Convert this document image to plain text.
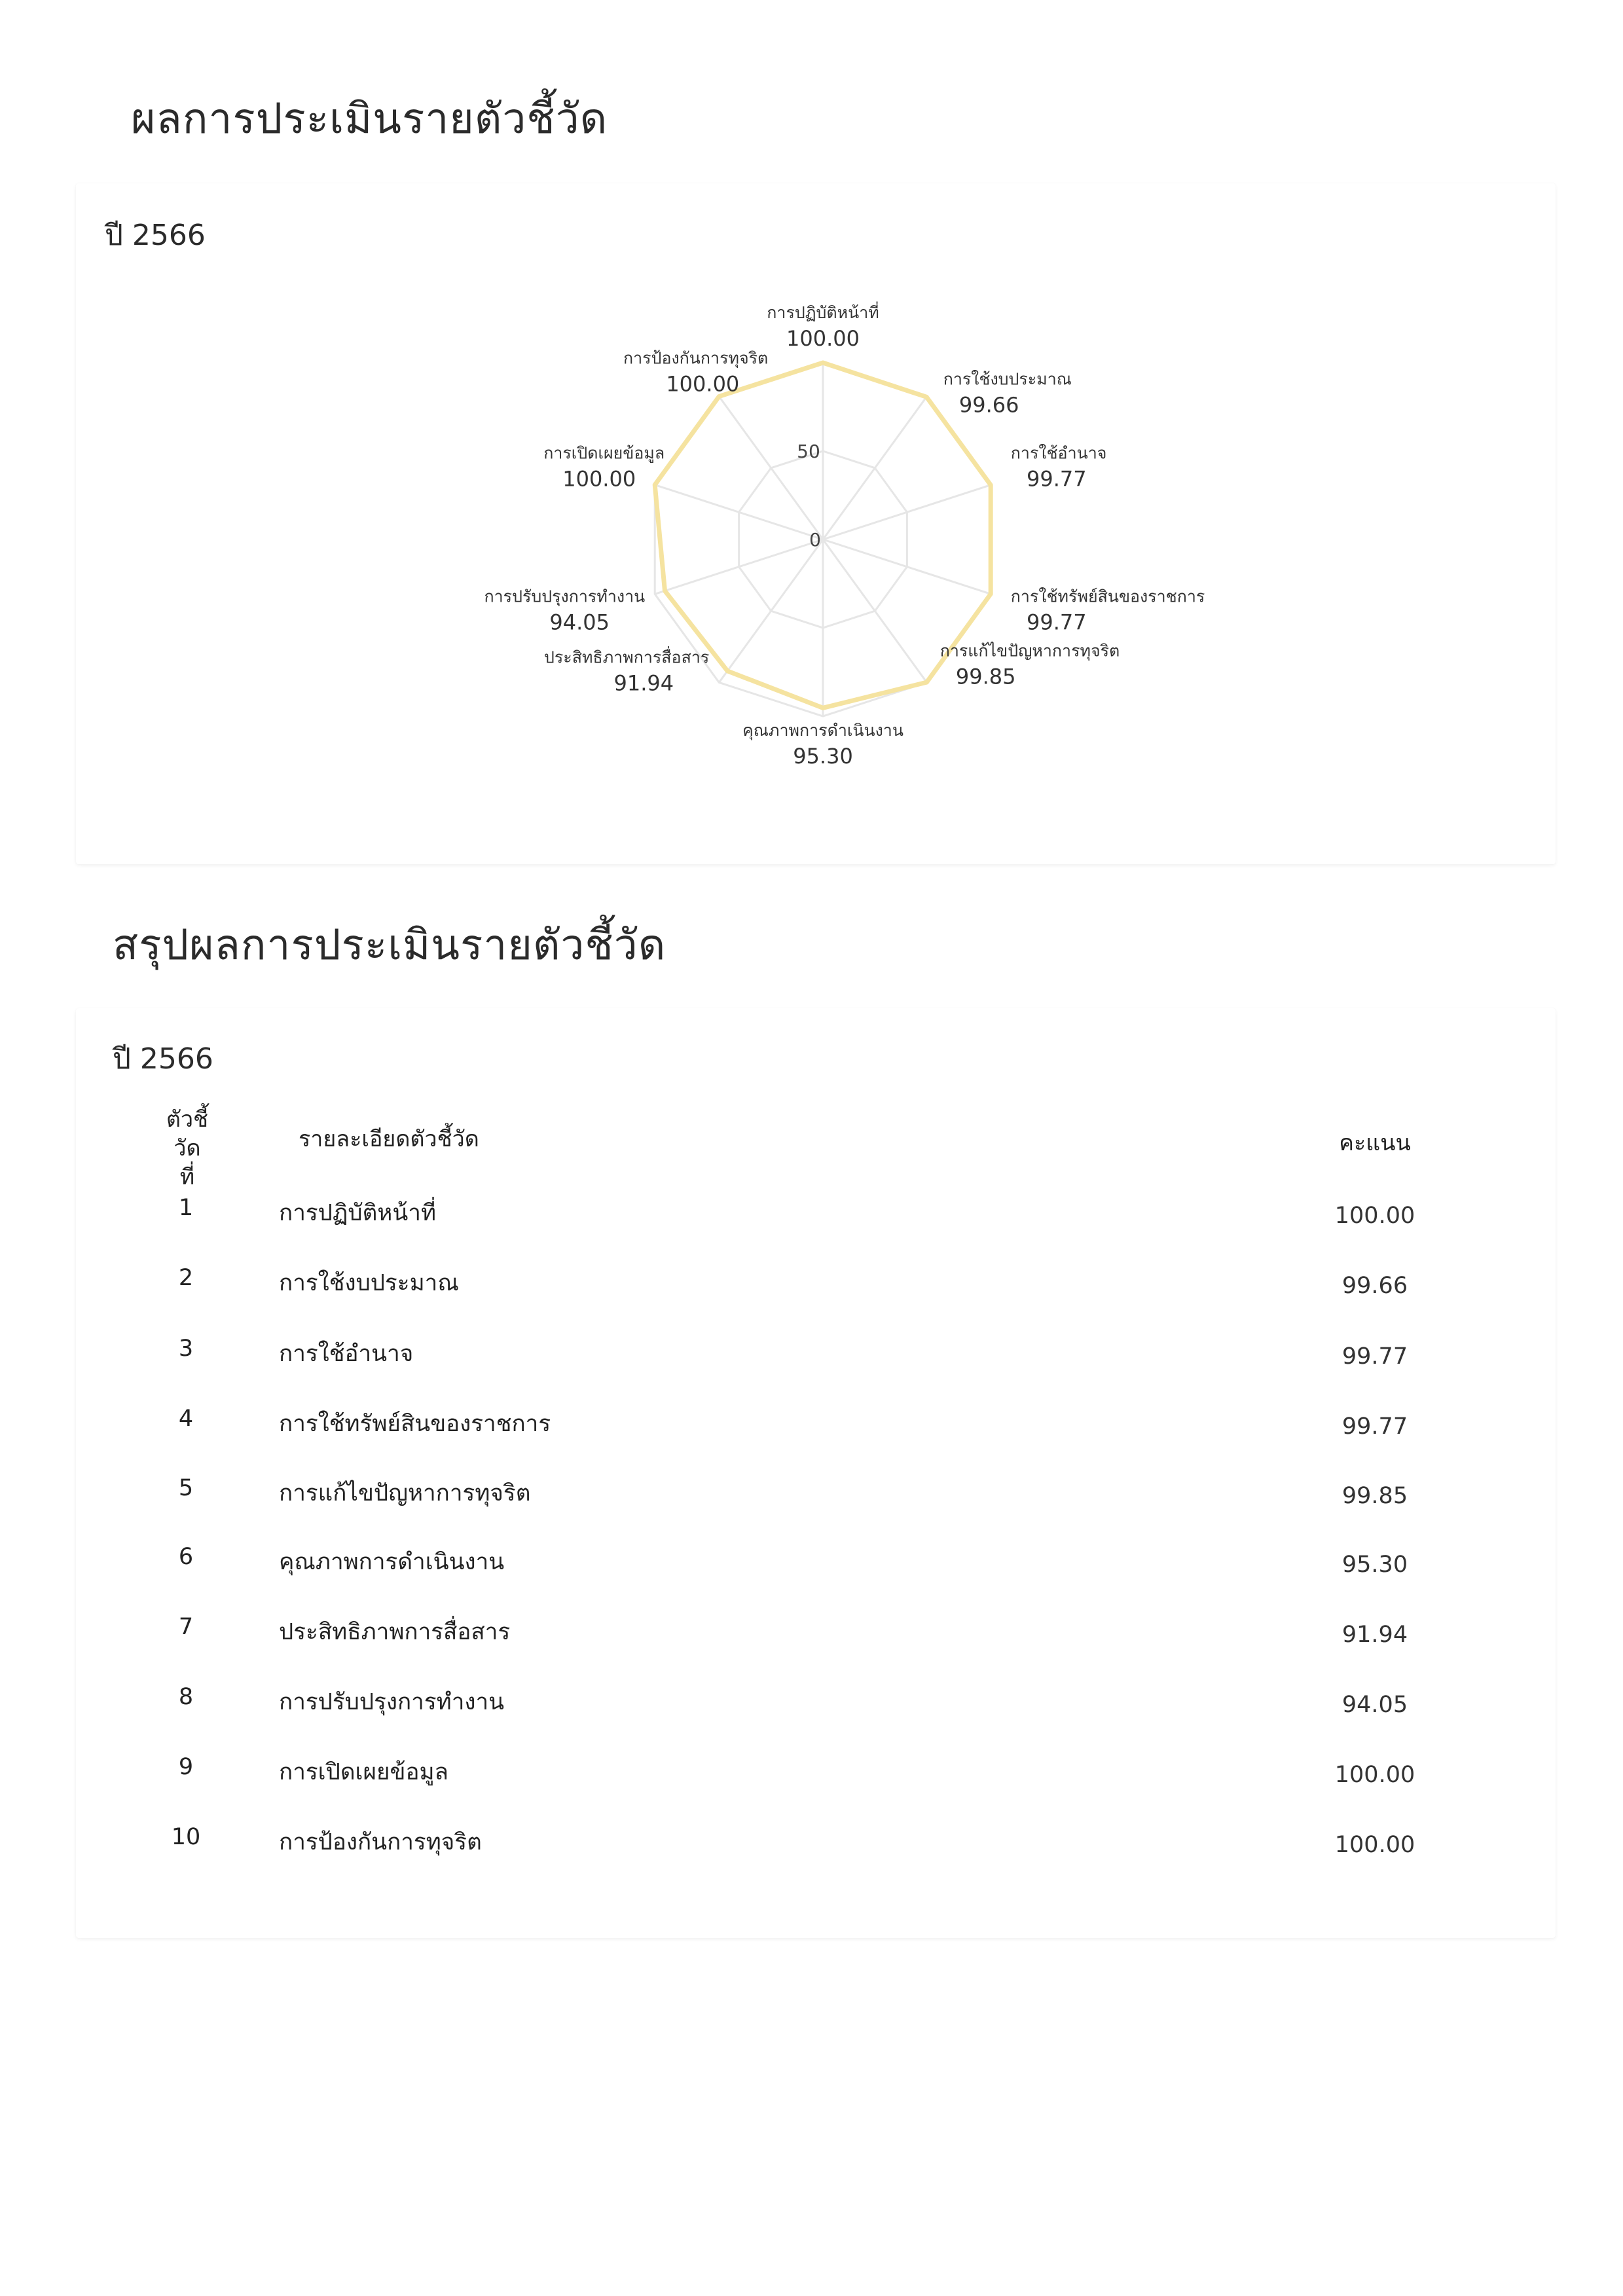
ผลการประเมินรายตัวชี้วัด
ปี 2566
0
50
การปฏิบัติหน้าที่
100.00
การใช้งบประมาณ
99.66
การใช้อำนาจ
99.77
การใช้ทรัพย์สินของราชการ
99.77
การแก้ไขปัญหาการทุจริต
99.85
คุณภาพการดำเนินงาน
95.30
ประสิทธิภาพการสื่อสาร
91.94
การปรับปรุงการทำงาน
94.05
การเปิดเผยข้อมูล
100.00
การป้องกันการทุจริต
100.00
สรุปผลการประเมินรายตัวชี้วัด
ปี 2566
ตัวชี้วัด
ที่
รายละเอียดตัวชี้วัด	คะแนน
1	การปฏิบัติหน้าที่	100.00
2	การใช้งบประมาณ	99.66
3	การใช้อำนาจ	99.77
4	การใช้ทรัพย์สินของราชการ	99.77
5	การแก้ไขปัญหาการทุจริต	99.85
6	คุณภาพการดำเนินงาน	95.30
7	ประสิทธิภาพการสื่อสาร	91.94
8	การปรับปรุงการทำงาน	94.05
9	การเปิดเผยข้อมูล	100.00
10	การป้องกันการทุจริต	100.00
